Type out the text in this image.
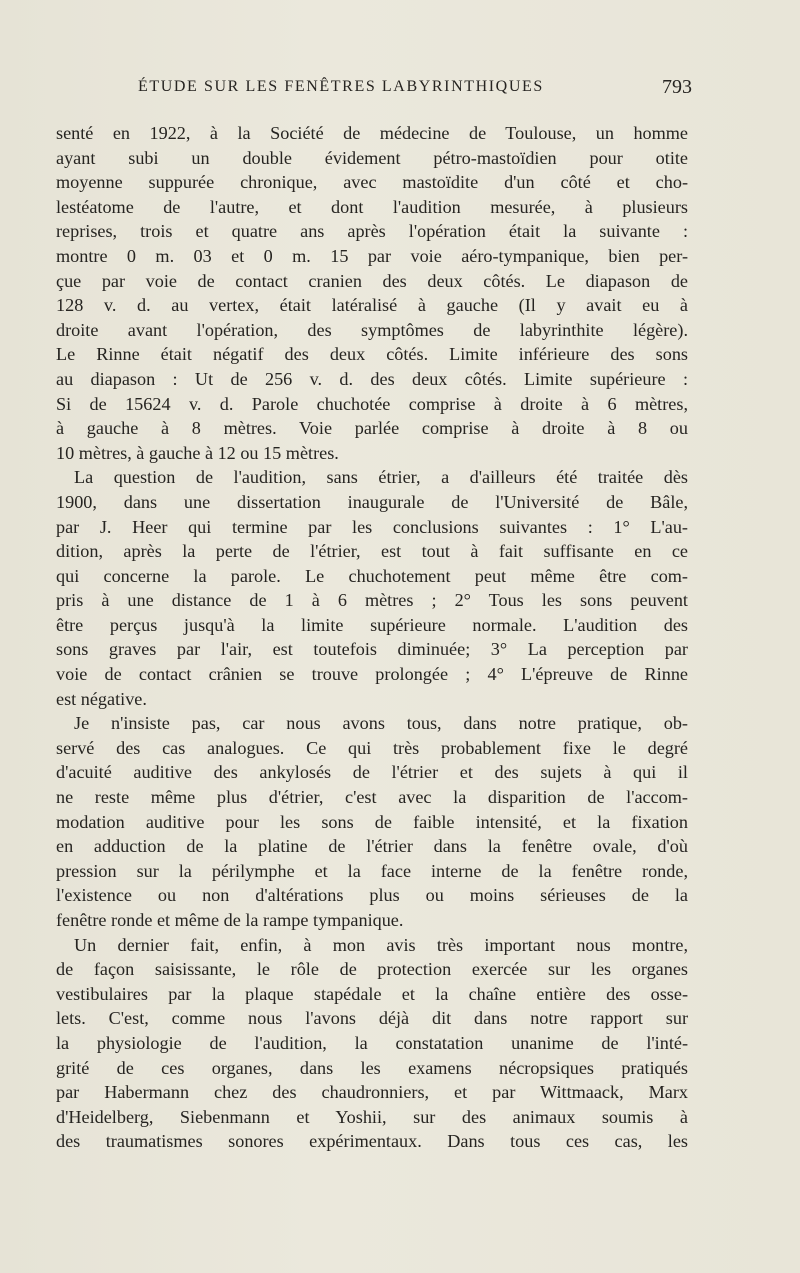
ÉTUDE SUR LES FENÊTRES LABYRINTHIQUES	793
senté en 1922, à la Société de médecine de Toulouse, un homme
ayant subi un double évidement pétro-mastoïdien pour otite
moyenne suppurée chronique, avec mastoïdite d'un côté et cho-
lestéatome de l'autre, et dont l'audition mesurée, à plusieurs
reprises, trois et quatre ans après l'opération était la suivante :
montre 0 m. 03 et 0 m. 15 par voie aéro-tympanique, bien per-
çue par voie de contact cranien des deux côtés. Le diapason de
128 v. d. au vertex, était latéralisé à gauche (Il y avait eu à
droite avant l'opération, des symptômes de labyrinthite légère).
Le Rinne était négatif des deux côtés. Limite inférieure des sons
au diapason : Ut de 256 v. d. des deux côtés. Limite supérieure :
Si de 15624 v. d. Parole chuchotée comprise à droite à 6 mètres,
à gauche à 8 mètres. Voie parlée comprise à droite à 8 ou
10 mètres, à gauche à 12 ou 15 mètres.
La question de l'audition, sans étrier, a d'ailleurs été traitée dès
1900, dans une dissertation inaugurale de l'Université de Bâle,
par J. Heer qui termine par les conclusions suivantes : 1° L'au-
dition, après la perte de l'étrier, est tout à fait suffisante en ce
qui concerne la parole. Le chuchotement peut même être com-
pris à une distance de 1 à 6 mètres ; 2° Tous les sons peuvent
être perçus jusqu'à la limite supérieure normale. L'audition des
sons graves par l'air, est toutefois diminuée; 3° La perception par
voie de contact crânien se trouve prolongée ; 4° L'épreuve de Rinne
est négative.
Je n'insiste pas, car nous avons tous, dans notre pratique, ob-
servé des cas analogues. Ce qui très probablement fixe le degré
d'acuité auditive des ankylosés de l'étrier et des sujets à qui il
ne reste même plus d'étrier, c'est avec la disparition de l'accom-
modation auditive pour les sons de faible intensité, et la fixation
en adduction de la platine de l'étrier dans la fenêtre ovale, d'où
pression sur la périlymphe et la face interne de la fenêtre ronde,
l'existence ou non d'altérations plus ou moins sérieuses de la
fenêtre ronde et même de la rampe tympanique.
Un dernier fait, enfin, à mon avis très important nous montre,
de façon saisissante, le rôle de protection exercée sur les organes
vestibulaires par la plaque stapédale et la chaîne entière des osse-
lets. C'est, comme nous l'avons déjà dit dans notre rapport sur
la physiologie de l'audition, la constatation unanime de l'inté-
grité de ces organes, dans les examens nécropsiques pratiqués
par Habermann chez des chaudronniers, et par Wittmaack, Marx
d'Heidelberg, Siebenmann et Yoshii, sur des animaux soumis à
des traumatismes sonores expérimentaux. Dans tous ces cas, les
